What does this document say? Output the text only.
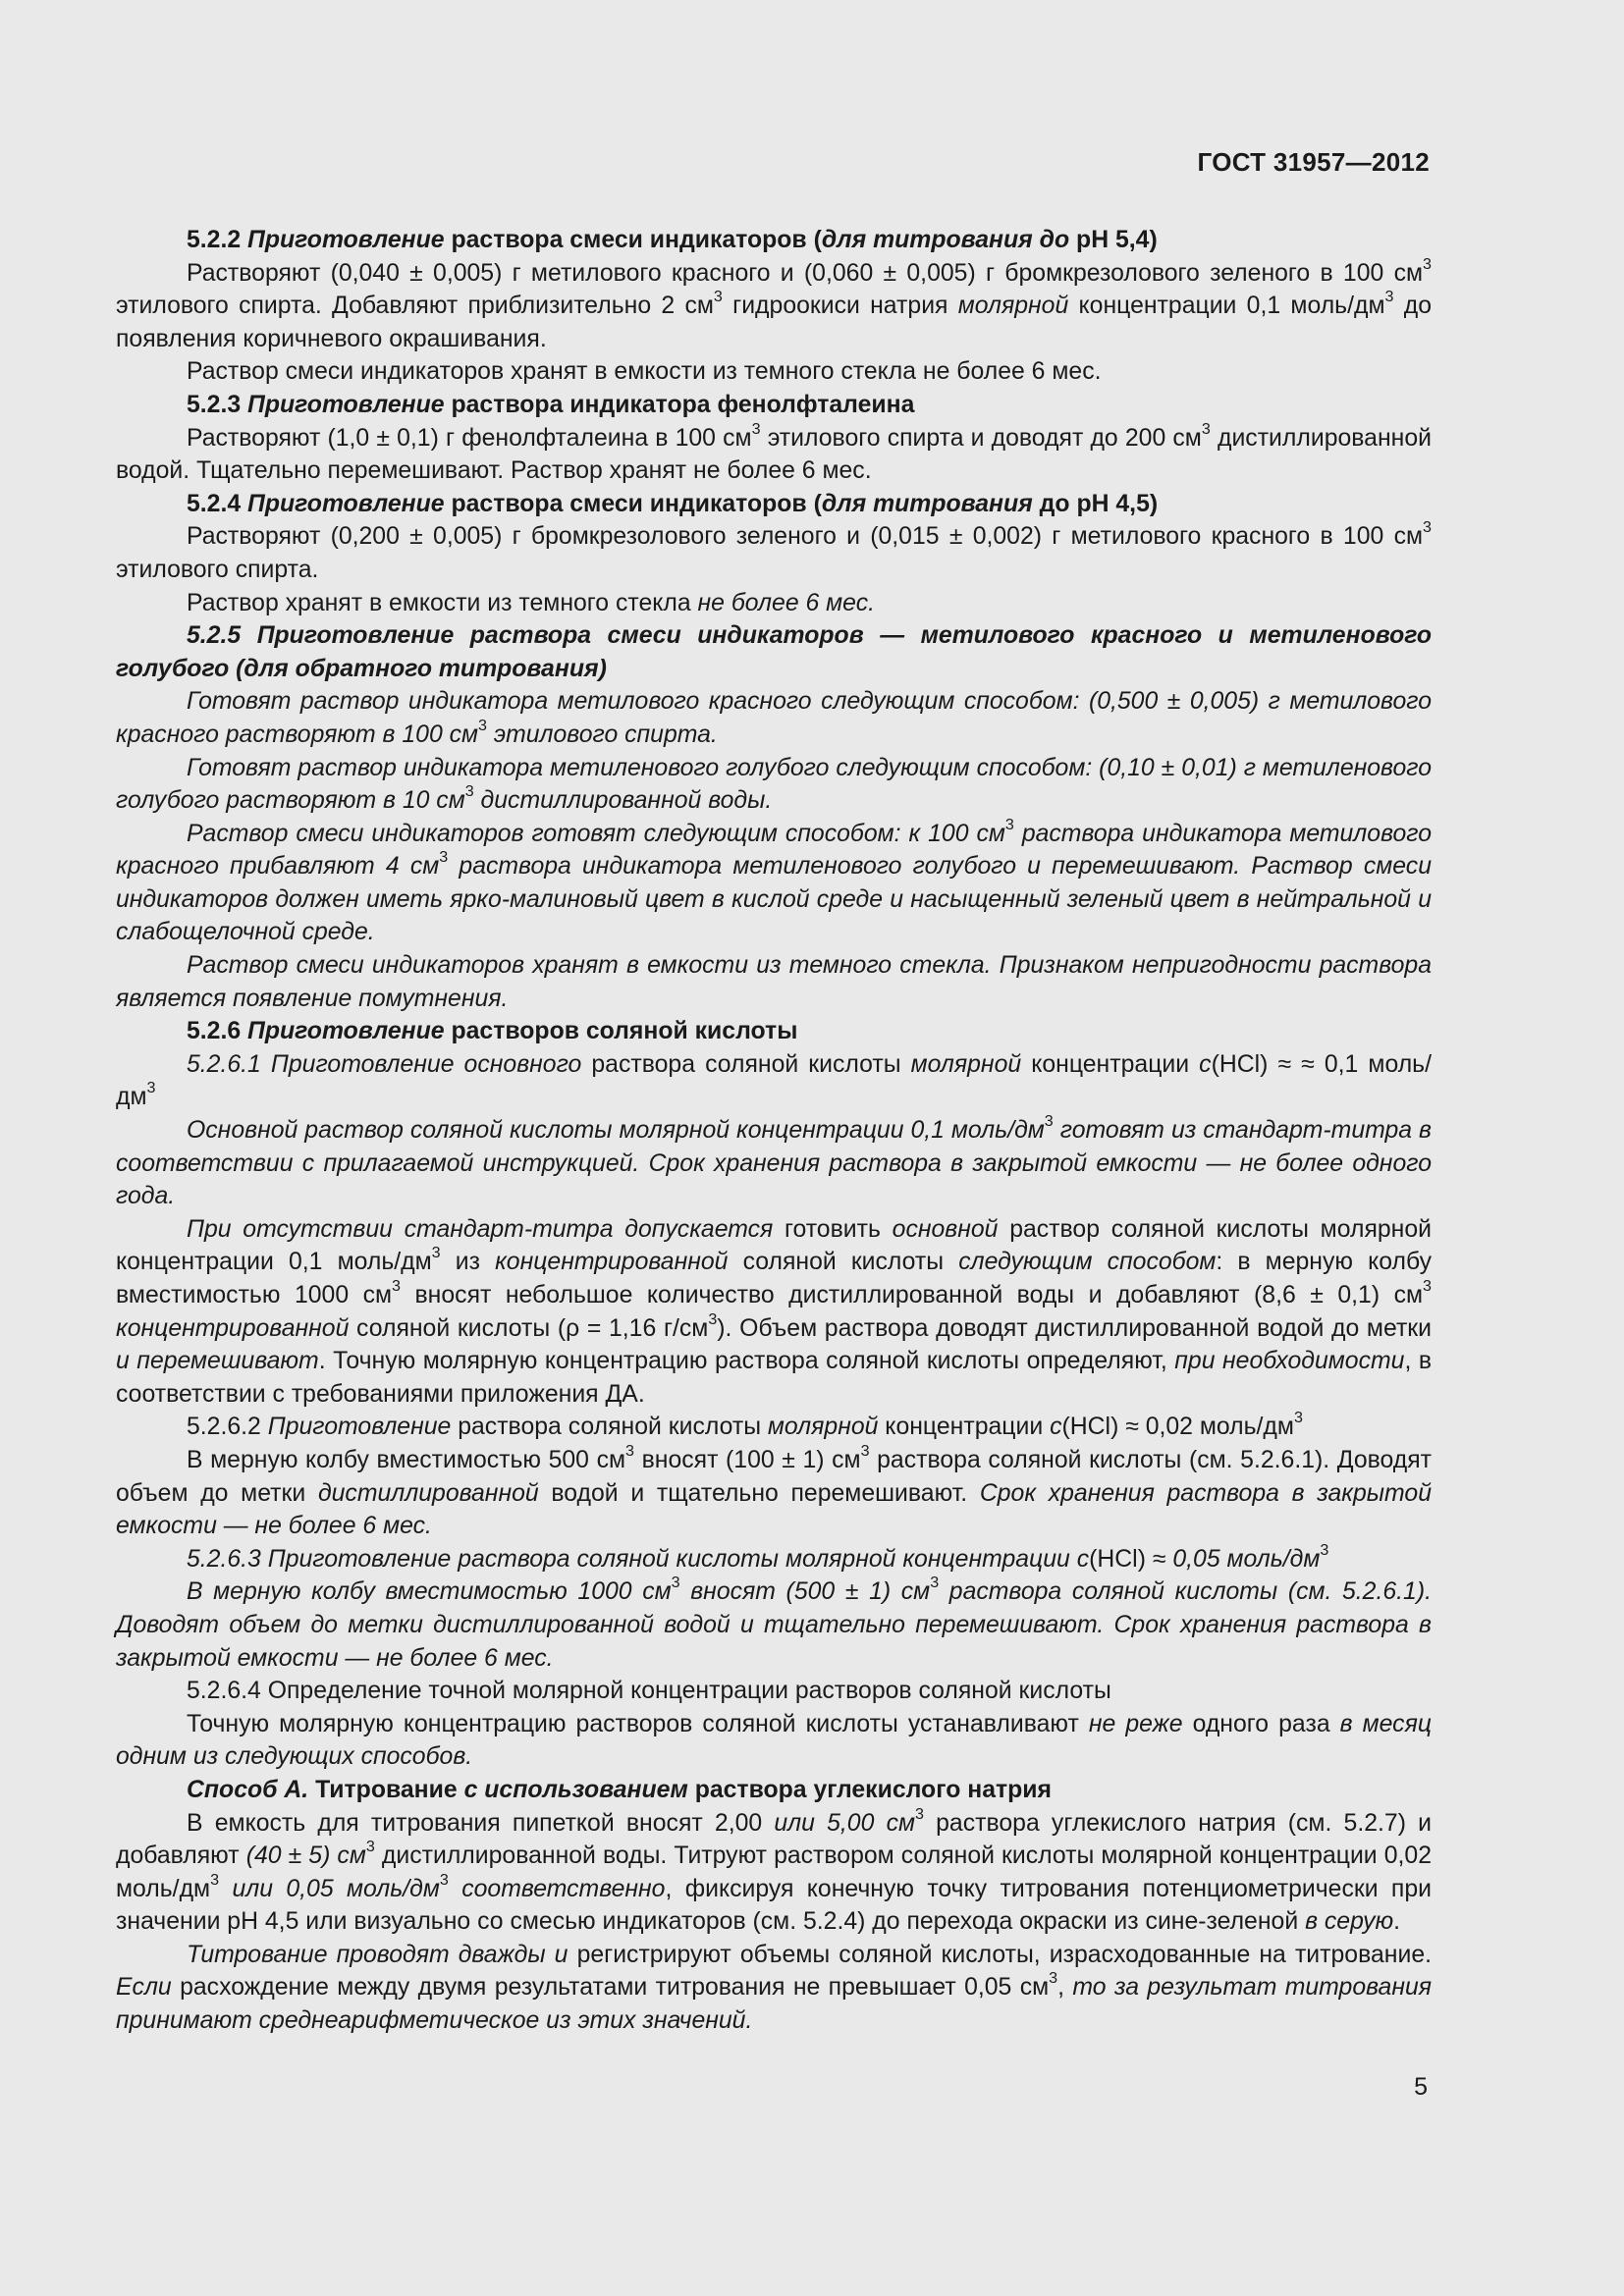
ГОСТ 31957—2012

5.2.2 Приготовление раствора смеси индикаторов (для титрования до рН 5,4)

Растворяют (0,040 ± 0,005) г метилового красного и (0,060 ± 0,005) г бромкрезолового зеленого в 100 $см^3$ этилового спирта. Добавляют приблизительно 2 $см^3$ гидроокиси натрия молярной концентрации 0,1 моль/$дм^3$ до появления коричневого окрашивания.

Раствор смеси индикаторов хранят в емкости из темного стекла не более 6 мес.

5.2.3 Приготовление раствора индикатора фенолфталеина

Растворяют (1,0 ± 0,1) г фенолфталеина в 100 $см^3$ этилового спирта и доводят до 200 $см^3$ дистиллированной водой. Тщательно перемешивают. Раствор хранят не более 6 мес.

5.2.4 Приготовление раствора смеси индикаторов (для титрования до рН 4,5)

Растворяют (0,200 ± 0,005) г бромкрезолового зеленого и (0,015 ± 0,002) г метилового красного в 100 $см^3$ этилового спирта.

Раствор хранят в емкости из темного стекла не более 6 мес.

5.2.5 Приготовление раствора смеси индикаторов — метилового красного и метиленового голубого (для обратного титрования)

Готовят раствор индикатора метилового красного следующим способом: (0,500 ± 0,005) г метилового красного растворяют в 100 $см^3$ этилового спирта.

Готовят раствор индикатора метиленового голубого следующим способом: (0,10 ± 0,01) г метиленового голубого растворяют в 10 $см^3$ дистиллированной воды.

Раствор смеси индикаторов готовят следующим способом: к 100 $см^3$ раствора индикатора метилового красного прибавляют 4 $см^3$ раствора индикатора метиленового голубого и перемешивают. Раствор смеси индикаторов должен иметь ярко-малиновый цвет в кислой среде и насыщенный зеленый цвет в нейтральной и слабощелочной среде.

Раствор смеси индикаторов хранят в емкости из темного стекла. Признаком непригодности раствора является появление помутнения.

5.2.6 Приготовление растворов соляной кислоты

5.2.6.1 Приготовление основного раствора соляной кислоты молярной концентрации с(HCl) ≈ ≈ 0,1 моль/$дм^3$

Основной раствор соляной кислоты молярной концентрации 0,1 моль/$дм^3$ готовят из стандарт-титра в соответствии с прилагаемой инструкцией. Срок хранения раствора в закрытой емкости — не более одного года.

При отсутствии стандарт-титра допускается готовить основной раствор соляной кислоты молярной концентрации 0,1 моль/$дм^3$ из концентрированной соляной кислоты следующим способом: в мерную колбу вместимостью 1000 $см^3$ вносят небольшое количество дистиллированной воды и добавляют (8,6 ± 0,1) $см^3$ концентрированной соляной кислоты (ρ = 1,16 $г/см^3$). Объем раствора доводят дистиллированной водой до метки и перемешивают. Точную молярную концентрацию раствора соляной кислоты определяют, при необходимости, в соответствии с требованиями приложения ДА.

5.2.6.2 Приготовление раствора соляной кислоты молярной концентрации с(HCl) ≈ 0,02 моль/$дм^3$

В мерную колбу вместимостью 500 $см^3$ вносят (100 ± 1) $см^3$ раствора соляной кислоты (см. 5.2.6.1). Доводят объем до метки дистиллированной водой и тщательно перемешивают. Срок хранения раствора в закрытой емкости — не более 6 мес.

5.2.6.3 Приготовление раствора соляной кислоты молярной концентрации с(HCl) ≈ 0,05 моль/$дм^3$

В мерную колбу вместимостью 1000 $см^3$ вносят (500 ± 1) $см^3$ раствора соляной кислоты (см. 5.2.6.1). Доводят объем до метки дистиллированной водой и тщательно перемешивают. Срок хранения раствора в закрытой емкости — не более 6 мес.

5.2.6.4 Определение точной молярной концентрации растворов соляной кислоты

Точную молярную концентрацию растворов соляной кислоты устанавливают не реже одного раза в месяц одним из следующих способов.

Способ А. Титрование с использованием раствора углекислого натрия

В емкость для титрования пипеткой вносят 2,00 или 5,00 $см^3$ раствора углекислого натрия (см. 5.2.7) и добавляют (40 ± 5) $см^3$ дистиллированной воды. Титруют раствором соляной кислоты молярной концентрации 0,02 моль/$дм^3$ или 0,05 моль/$дм^3$ соответственно, фиксируя конечную точку титрования потенциометрически при значении рН 4,5 или визуально со смесью индикаторов (см. 5.2.4) до перехода окраски из сине-зеленой в серую.

Титрование проводят дважды и регистрируют объемы соляной кислоты, израсходованные на титрование. Если расхождение между двумя результатами титрования не превышает 0,05 $см^3$, то за результат титрования принимают среднеарифметическое из этих значений.

5
